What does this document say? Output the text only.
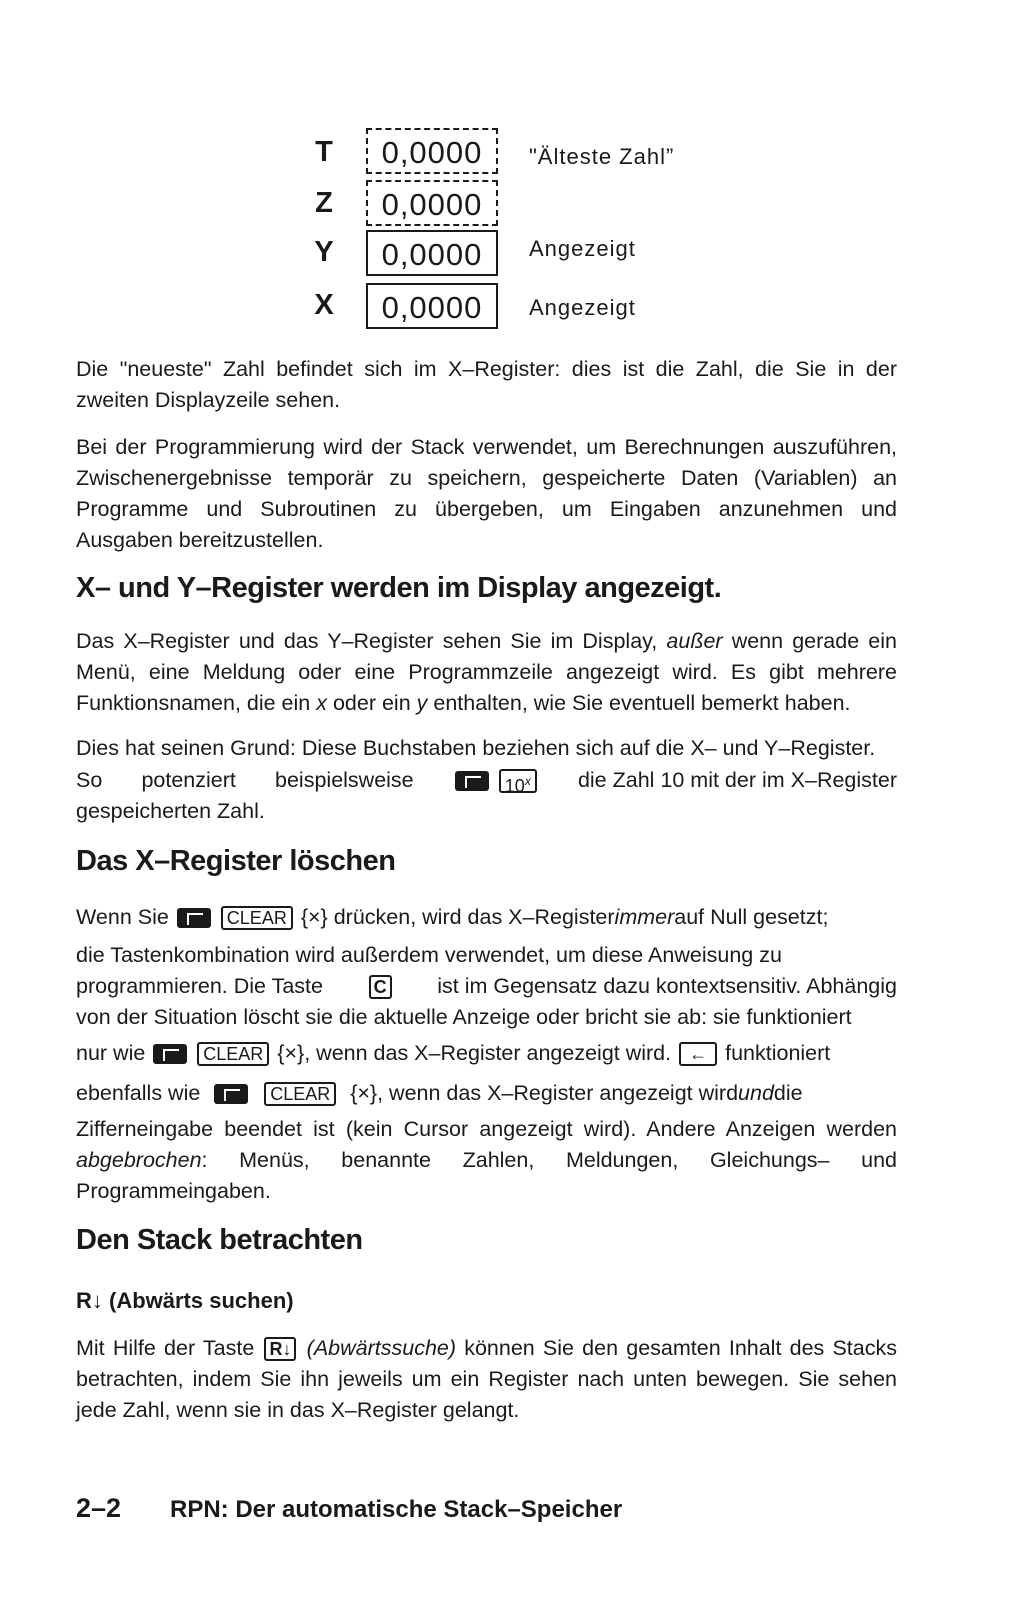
T	0,0000	"Älteste Zahl”
Z	0,0000
Y	0,0000	Angezeigt
X	0,0000	Angezeigt
Die "neueste" Zahl befindet sich im X–Register: dies ist die Zahl, die Sie in der zweiten Displayzeile sehen.
Bei der Programmierung wird der Stack verwendet, um Berechnungen auszuführen, Zwischenergebnisse temporär zu speichern, gespeicherte Daten (Variablen) an Programme und Subroutinen zu übergeben, um Eingaben anzunehmen und Ausgaben bereitzustellen.
X– und Y–Register werden im Display angezeigt.
Das X–Register und das Y–Register sehen Sie im Display, außer wenn gerade ein Menü, eine Meldung oder eine Programmzeile angezeigt wird. Es gibt mehrere Funktionsnamen, die ein x oder ein y enthalten, wie Sie eventuell bemerkt haben.
Dies hat seinen Grund: Diese Buchstaben beziehen sich auf die X– und Y–Register.
So potenziert beispielsweise	10$^x$	die Zahl 10 mit der im X–Register
gespeicherten Zahl.
Das X–Register löschen
Wenn Sie

	CLEAR
{×}
drücken, wird das X–Register immer auf Null gesetzt;
die Tastenkombination wird außerdem verwendet, um diese Anweisung zu
programmieren. Die Taste	C ist im Gegensatz dazu kontextsensitiv. Abhängig
von der Situation löscht sie die aktuelle Anzeige oder bricht sie ab: sie funktioniert
nur wie

	CLEAR
{×} , wenn das X–Register angezeigt wird.
←
funktioniert
ebenfalls wie

	CLEAR
{×} , wenn das X–Register angezeigt wird und die
Zifferneingabe beendet ist (kein Cursor angezeigt wird). Andere Anzeigen werden abgebrochen: Menüs, benannte Zahlen, Meldungen, Gleichungs– und Programmeingaben.
Den Stack betrachten
R↓ (Abwärts suchen)
Mit Hilfe der Taste R↓ (Abwärtssuche) können Sie den gesamten Inhalt des Stacks betrachten, indem Sie ihn jeweils um ein Register nach unten bewegen. Sie sehen jede Zahl, wenn sie in das X–Register gelangt.
2–2 RPN: Der automatische Stack–Speicher
